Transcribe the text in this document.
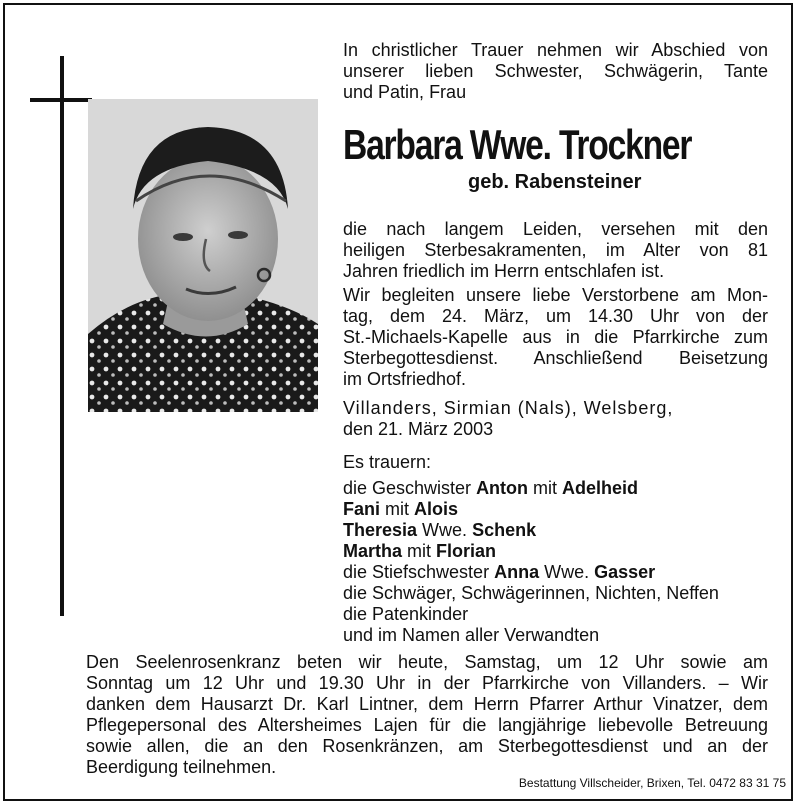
In christlicher Trauer nehmen wir Abschied von
unserer lieben Schwester, Schwägerin, Tante
und Patin, Frau

Barbara Wwe. Trockner

geb. Rabensteiner

die nach langem Leiden, versehen mit den
heiligen Sterbesakramenten, im Alter von 81
Jahren friedlich im Herrn entschlafen ist.

Wir begleiten unsere liebe Verstorbene am Mon-
tag, dem 24. März, um 14.30 Uhr von der
St.-Michaels-Kapelle aus in die Pfarrkirche zum
Sterbegottesdienst. Anschließend Beisetzung
im Ortsfriedhof.

Villanders, Sirmian (Nals), Welsberg,
den 21. März 2003

Es trauern:

die Geschwister Anton mit Adelheid
Fani mit Alois
Theresia Wwe. Schenk
Martha mit Florian
die Stiefschwester Anna Wwe. Gasser
die Schwäger, Schwägerinnen, Nichten, Neffen
die Patenkinder
und im Namen aller Verwandten

Den Seelenrosenkranz beten wir heute, Samstag, um 12 Uhr sowie am
Sonntag um 12 Uhr und 19.30 Uhr in der Pfarrkirche von Villanders. – Wir
danken dem Hausarzt Dr. Karl Lintner, dem Herrn Pfarrer Arthur Vinatzer, dem
Pflegepersonal des Altersheimes Lajen für die langjährige liebevolle Betreuung
sowie allen, die an den Rosenkränzen, am Sterbegottesdienst und an der
Beerdigung teilnehmen.

Bestattung Villscheider, Brixen, Tel. 0472 83 31 75
